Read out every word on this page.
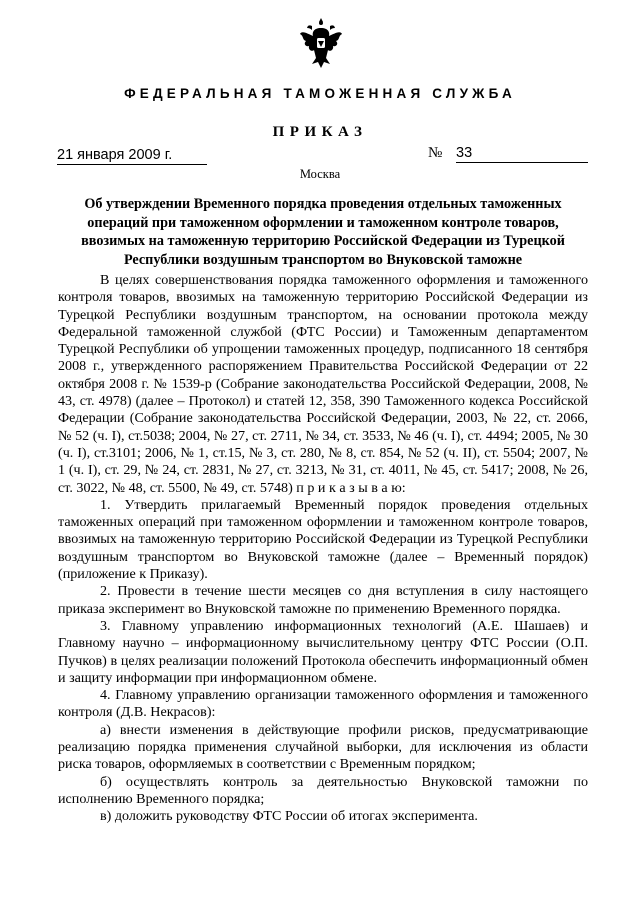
ФЕДЕРАЛЬНАЯ ТАМОЖЕННАЯ СЛУЖБА
ПРИКАЗ
21 января 2009 г.	№ 33
Москва
Об утверждении Временного порядка проведения отдельных таможенных операций при таможенном оформлении и таможенном контроле товаров, ввозимых на таможенную территорию Российской Федерации из Турецкой Республики воздушным транспортом во Внуковской таможне

В целях совершенствования порядка таможенного оформления и таможенного контроля товаров, ввозимых на таможенную территорию Российской Федерации из Турецкой Республики воздушным транспортом, на основании протокола между Федеральной таможенной службой (ФТС России) и Таможенным департаментом Турецкой Республики об упрощении таможенных процедур, подписанного 18 сентября 2008 г., утвержденного распоряжением Правительства Российской Федерации от 22 октября 2008 г. № 1539-р (Собрание законодательства Российской Федерации, 2008, № 43, ст. 4978) (далее – Протокол) и статей 12, 358, 390 Таможенного кодекса Российской Федерации (Собрание законодательства Российской Федерации, 2003, № 22, ст. 2066, № 52 (ч. I), ст.5038; 2004, № 27, ст. 2711, № 34, ст. 3533, № 46 (ч. I), ст. 4494; 2005, № 30 (ч. I), ст.3101; 2006, № 1, ст.15, № 3, ст. 280, № 8, ст. 854, № 52 (ч. II), ст. 5504; 2007, № 1 (ч. I), ст. 29, № 24, ст. 2831, № 27, ст. 3213, № 31, ст. 4011, № 45, ст. 5417; 2008, № 26, ст. 3022, № 48, ст. 5500, № 49, ст. 5748) п р и к а з ы в а ю:

1. Утвердить прилагаемый Временный порядок проведения отдельных таможенных операций при таможенном оформлении и таможенном контроле товаров, ввозимых на таможенную территорию Российской Федерации из Турецкой Республики воздушным транспортом во Внуковской таможне (далее – Временный порядок) (приложение к Приказу).

2. Провести в течение шести месяцев со дня вступления в силу настоящего приказа эксперимент во Внуковской таможне по применению Временного порядка.

3. Главному управлению информационных технологий (А.Е. Шашаев) и Главному научно – информационному вычислительному центру ФТС России (О.П. Пучков) в целях реализации положений Протокола обеспечить информационный обмен и защиту информации при информационном обмене.

4. Главному управлению организации таможенного оформления и таможенного контроля (Д.В. Некрасов):

а) внести изменения в действующие профили рисков, предусматривающие реализацию порядка применения случайной выборки, для исключения из области риска товаров, оформляемых в соответствии с Временным порядком;

б) осуществлять контроль за деятельностью Внуковской таможни по исполнению Временного порядка;

в) доложить руководству ФТС России об итогах эксперимента.
